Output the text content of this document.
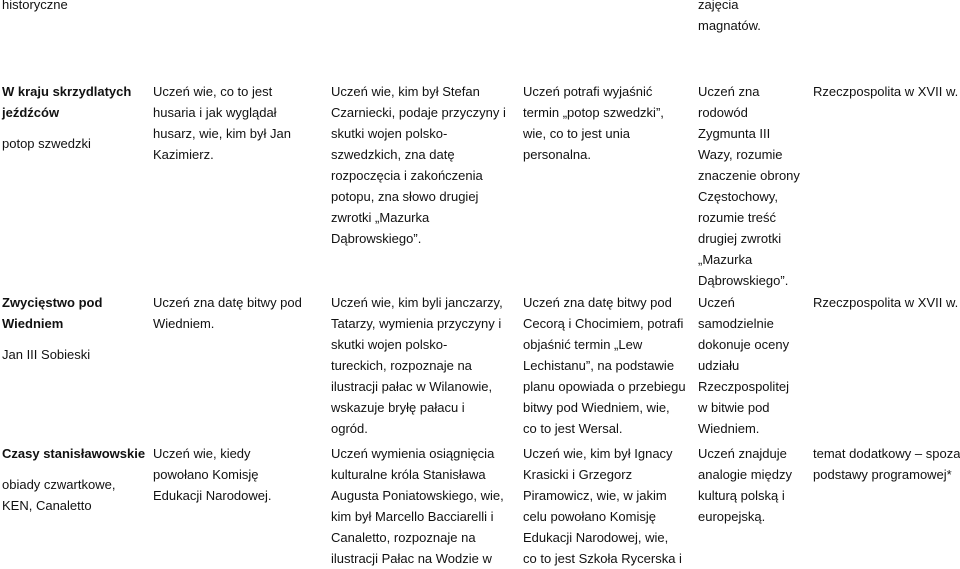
historyczne	zajęcia
magnatów.
W kraju skrzydlatych
jeźdźców
potop szwedzki
Uczeń wie, co to jest
husaria i jak wyglądał
husarz, wie, kim był Jan
Kazimierz.
Uczeń wie, kim był Stefan
Czarniecki, podaje przyczyny i
skutki wojen polsko-
szwedzkich, zna datę
rozpoczęcia i zakończenia
potopu, zna słowo drugiej
zwrotki „Mazurka
Dąbrowskiego”.
Uczeń potrafi wyjaśnić
termin „potop szwedzki”,
wie, co to jest unia
personalna.
Uczeń zna
rodowód
Zygmunta III
Wazy, rozumie
znaczenie obrony
Częstochowy,
rozumie treść
drugiej zwrotki
„Mazurka
Dąbrowskiego”.
Rzeczpospolita w XVII w.
Zwycięstwo pod
Wiedniem
Jan III Sobieski
Uczeń zna datę bitwy pod
Wiedniem.
Uczeń wie, kim byli janczarzy,
Tatarzy, wymienia przyczyny i
skutki wojen polsko-
tureckich, rozpoznaje na
ilustracji pałac w Wilanowie,
wskazuje bryłę pałacu i
ogród.
Uczeń zna datę bitwy pod
Cecorą i Chocimiem, potrafi
objaśnić termin „Lew
Lechistanu”, na podstawie
planu opowiada o przebiegu
bitwy pod Wiedniem, wie,
co to jest Wersal.
Uczeń
samodzielnie
dokonuje oceny
udziału
Rzeczpospolitej
w bitwie pod
Wiedniem.
Rzeczpospolita w XVII w.
Czasy stanisławowskie
obiady czwartkowe,
KEN, Canaletto
Uczeń wie, kiedy
powołano Komisję
Edukacji Narodowej.
Uczeń wymienia osiągnięcia
kulturalne króla Stanisława
Augusta Poniatowskiego, wie,
kim był Marcello Bacciarelli i
Canaletto, rozpoznaje na
ilustracji Pałac na Wodzie w
Uczeń wie, kim był Ignacy
Krasicki i Grzegorz
Piramowicz, wie, w jakim
celu powołano Komisję
Edukacji Narodowej, wie,
co to jest Szkoła Rycerska i
Uczeń znajduje
analogie między
kulturą polską i
europejską.
temat dodatkowy – spoza
podstawy programowej*
